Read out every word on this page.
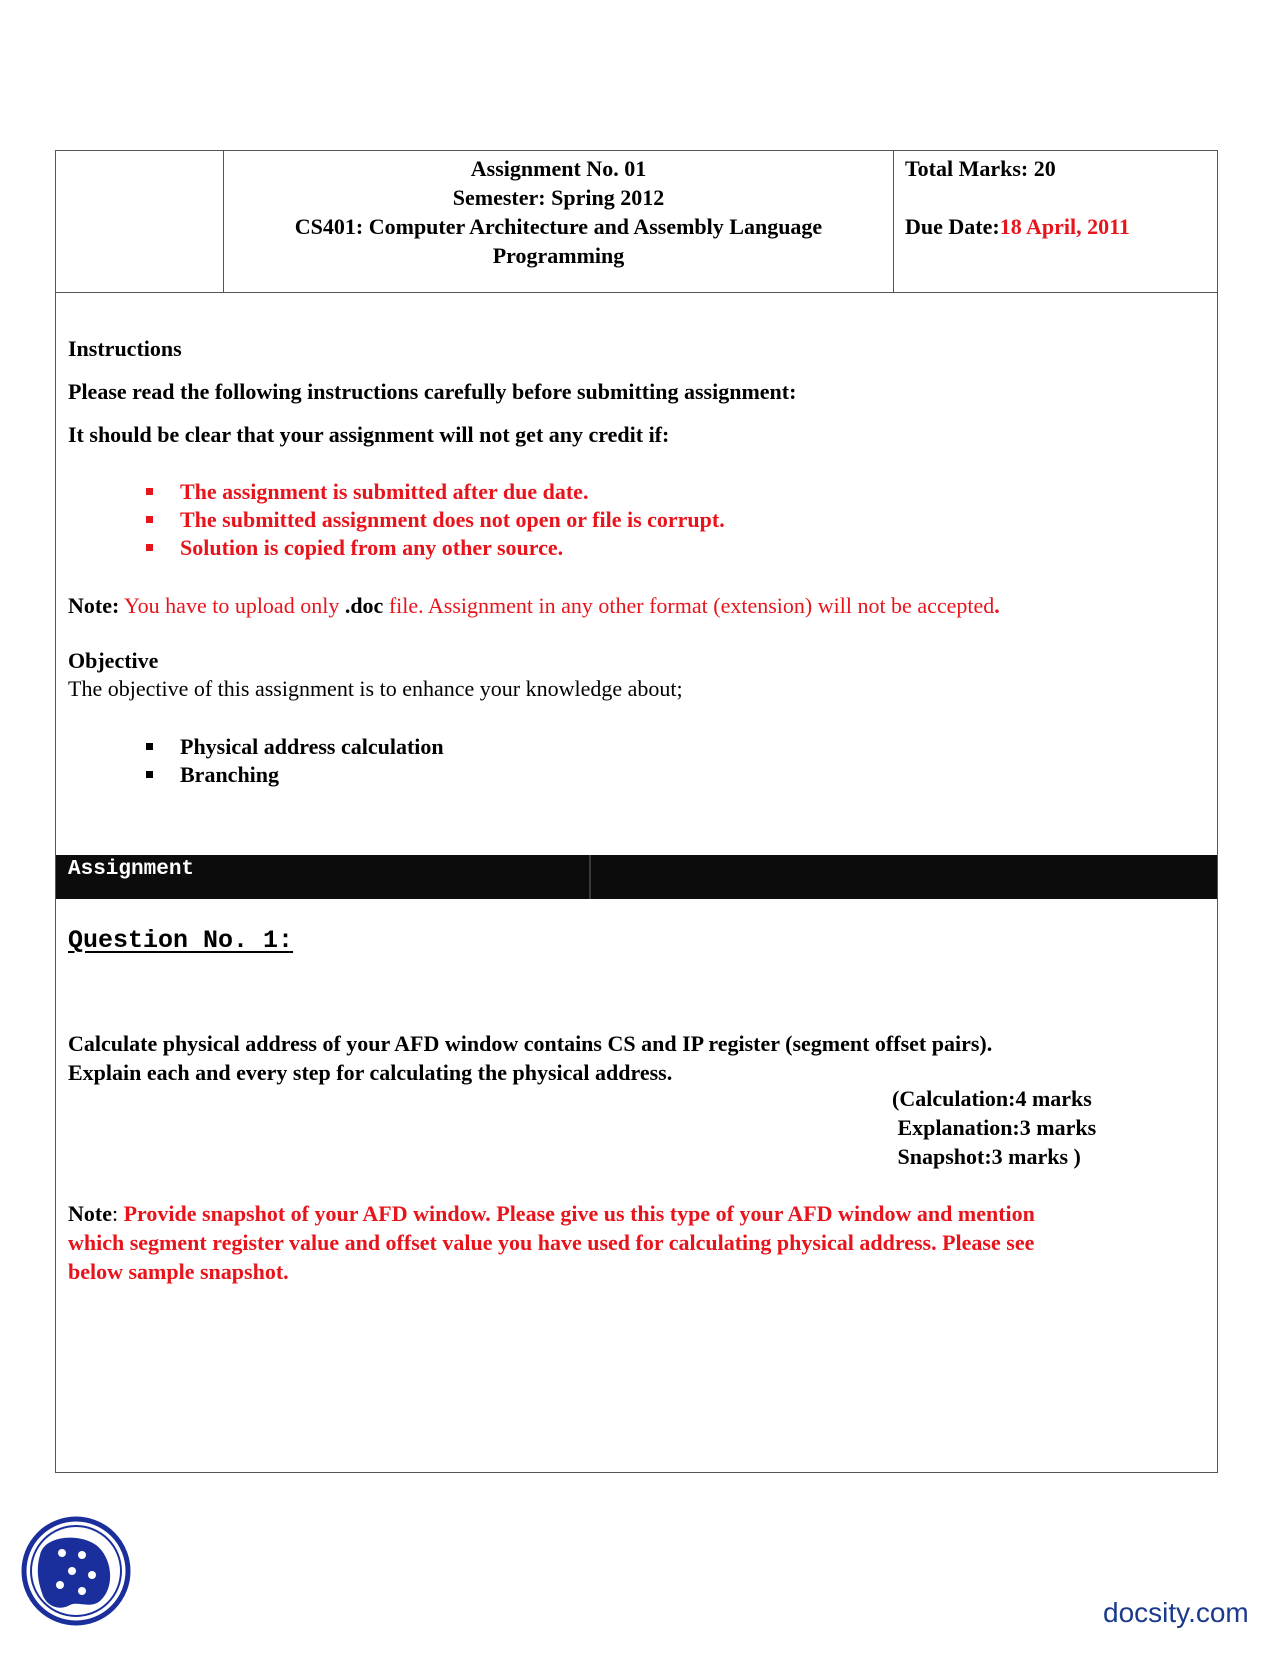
Assignment No. 01
Semester: Spring 2012
CS401: Computer Architecture and Assembly Language
Programming
Total Marks: 20
Due Date:18 April, 2011
Instructions
Please read the following instructions carefully before submitting assignment:
It should be clear that your assignment will not get any credit if:
The assignment is submitted after due date.
The submitted assignment does not open or file is corrupt.
Solution is copied from any other source.
Note: You have to upload only .doc file. Assignment in any other format (extension) will not be accepted.
Objective
The objective of this assignment is to enhance your knowledge about;
Physical address calculation
Branching
Assignment
Question No. 1:
Calculate physical address of your AFD window contains CS and IP register (segment offset pairs).
Explain each and every step for calculating the physical address.
(Calculation:4 marks
Explanation:3 marks
Snapshot:3 marks )
Note: Provide snapshot of your AFD window. Please give us this type of your AFD window and mention
which segment register value and offset value you have used for calculating physical address. Please see
below sample snapshot.
docsity.com
